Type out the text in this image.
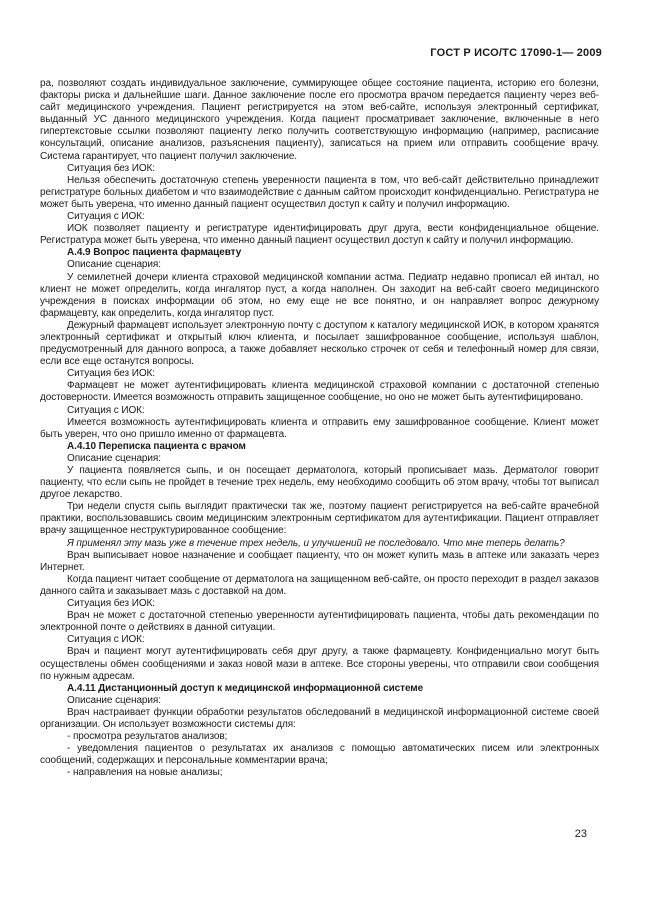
ГОСТ Р ИСО/ТС 17090-1— 2009

ра, позволяют создать индивидуальное заключение, суммирующее общее состояние пациента, историю его болезни, факторы риска и дальнейшие шаги. Данное заключение после его просмотра врачом передается пациенту через веб-сайт медицинского учреждения. Пациент регистрируется на этом веб-сайте, используя электронный сертификат, выданный УС данного медицинского учреждения. Когда пациент просматривает заключение, включенные в него гипертекстовые ссылки позволяют пациенту легко получить соответствующую информацию (например, расписание консультаций, описание анализов, разъяснения пациенту), записаться на прием или отправить сообщение врачу. Система гарантирует, что пациент получил заключение.

Ситуация без ИОК:

Нельзя обеспечить достаточную степень уверенности пациента в том, что веб-сайт действительно принадлежит регистратуре больных диабетом и что взаимодействие с данным сайтом происходит конфиденциально. Регистратура не может быть уверена, что именно данный пациент осуществил доступ к сайту и получил информацию.

Ситуация с ИОК:

ИОК позволяет пациенту и регистратуре идентифицировать друг друга, вести конфиденциальное общение. Регистратура может быть уверена, что именно данный пациент осуществил доступ к сайту и получил информацию.

А.4.9 Вопрос пациента фармацевту

Описание сценария:

У семилетней дочери клиента страховой медицинской компании астма. Педиатр недавно прописал ей интал, но клиент не может определить, когда ингалятор пуст, а когда наполнен. Он заходит на веб-сайт своего медицинского учреждения в поисках информации об этом, но ему еще не все понятно, и он направляет вопрос дежурному фармацевту, как определить, когда ингалятор пуст.

Дежурный фармацевт использует электронную почту с доступом к каталогу медицинской ИОК, в котором хранятся электронный сертификат и открытый ключ клиента, и посылает зашифрованное сообщение, используя шаблон, предусмотренный для данного вопроса, а также добавляет несколько строчек от себя и телефонный номер для связи, если все еще останутся вопросы.

Ситуация без ИОК:

Фармацевт не может аутентифицировать клиента медицинской страховой компании с достаточной степенью достоверности. Имеется возможность отправить защищенное сообщение, но оно не может быть аутентифицировано.

Ситуация с ИОК:

Имеется возможность аутентифицировать клиента и отправить ему зашифрованное сообщение. Клиент может быть уверен, что оно пришло именно от фармацевта.

А.4.10 Переписка пациента с врачом

Описание сценария:

У пациента появляется сыпь, и он посещает дерматолога, который прописывает мазь. Дерматолог говорит пациенту, что если сыпь не пройдет в течение трех недель, ему необходимо сообщить об этом врачу, чтобы тот выписал другое лекарство.

Три недели спустя сыпь выглядит практически так же, поэтому пациент регистрируется на веб-сайте врачебной практики, воспользовавшись своим медицинским электронным сертификатом для аутентификации. Пациент отправляет врачу защищенное неструктурированное сообщение:

Я применял эту мазь уже в течение трех недель, и улучшений не последовало. Что мне теперь делать?

Врач выписывает новое назначение и сообщает пациенту, что он может купить мазь в аптеке или заказать через Интернет.

Когда пациент читает сообщение от дерматолога на защищенном веб-сайте, он просто переходит в раздел заказов данного сайта и заказывает мазь с доставкой на дом.

Ситуация без ИОК:

Врач не может с достаточной степенью уверенности аутентифицировать пациента, чтобы дать рекомендации по электронной почте о действиях в данной ситуации.

Ситуация с ИОК:

Врач и пациент могут аутентифицировать себя друг другу, а также фармацевту. Конфиденциально могут быть осуществлены обмен сообщениями и заказ новой мази в аптеке. Все стороны уверены, что отправили свои сообщения по нужным адресам.

А.4.11 Дистанционный доступ к медицинской информационной системе

Описание сценария:

Врач настраивает функции обработки результатов обследований в медицинской информационной системе своей организации. Он использует возможности системы для:

- просмотра результатов анализов;

- уведомления пациентов о результатах их анализов с помощью автоматических писем или электронных сообщений, содержащих и персональные комментарии врача;

- направления на новые анализы;

23
